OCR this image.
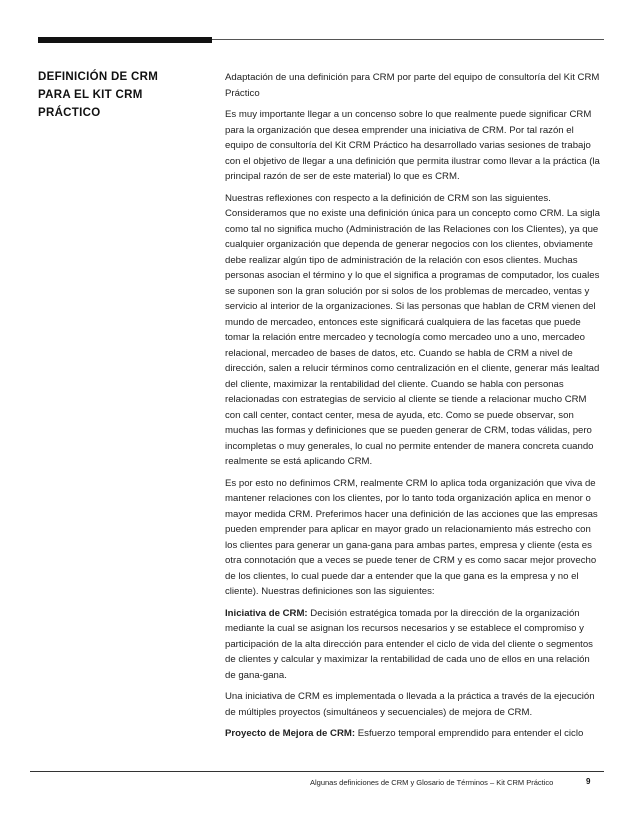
DEFINICIÓN DE CRM PARA EL KIT CRM PRÁCTICO

Adaptación de una definición para CRM por parte del equipo de consultoría del Kit CRM Práctico

Es muy importante llegar a un concenso sobre lo que realmente puede significar CRM para la organización que desea emprender una iniciativa de CRM. Por tal razón el equipo de consultoría del Kit CRM Práctico ha desarrollado varias sesiones de trabajo con el objetivo de llegar a una definición que permita ilustrar como llevar a la práctica (la principal razón de ser de este material) lo que es CRM.

Nuestras reflexiones con respecto a la definición de CRM son las siguientes. Consideramos que no existe una definición única para un concepto como CRM. La sigla como tal no significa mucho (Administración de las Relaciones con los Clientes), ya que cualquier organización que dependa de generar negocios con los clientes, obviamente debe realizar algún tipo de administración de la relación con esos clientes. Muchas personas asocian el término y lo que el significa a programas de computador, los cuales se suponen son la gran solución por si solos de los problemas de mercadeo, ventas y servicio al interior de la organizaciones. Si las personas que hablan de CRM vienen del mundo de mercadeo, entonces este significará cualquiera de las facetas que puede tomar la relación entre mercadeo y tecnología como mercadeo uno a uno, mercadeo relacional, mercadeo de bases de datos, etc. Cuando se habla de CRM a nivel de dirección, salen a relucir términos como centralización en el cliente, generar más lealtad del cliente, maximizar la rentabilidad del cliente. Cuando se habla con personas relacionadas con estrategias de servicio al cliente se tiende a relacionar mucho CRM con call center, contact center, mesa de ayuda, etc. Como se puede observar, son muchas las formas y definiciones que se pueden generar de CRM, todas válidas, pero incompletas o muy generales, lo cual no permite entender de manera concreta cuando realmente se está aplicando CRM.

Es por esto no definimos CRM, realmente CRM lo aplica toda organización que viva de mantener relaciones con los clientes, por lo tanto toda organización aplica en menor o mayor medida CRM. Preferimos hacer una definición de las acciones que las empresas pueden emprender para aplicar en mayor grado un relacionamiento más estrecho con los clientes para generar un gana-gana para ambas partes, empresa y cliente (esta es otra connotación que a veces se puede tener de CRM y es como sacar mejor provecho de los clientes, lo cual puede dar a entender que la que gana es la empresa y no el cliente). Nuestras definiciones son las siguientes:

Iniciativa de CRM: Decisión estratégica tomada por la dirección de la organización mediante la cual se asignan los recursos necesarios y se establece el compromiso y participación de la alta dirección para entender el ciclo de vida del cliente o segmentos de clientes y calcular y maximizar la rentabilidad de cada uno de ellos en una relación de gana-gana.

Una iniciativa de CRM es implementada o llevada a la práctica a través de la ejecución de múltiples proyectos (simultáneos y secuenciales) de mejora de CRM.

Proyecto de Mejora de CRM: Esfuerzo temporal emprendido para entender el ciclo

Algunas definiciones de CRM y Glosario de Términos – Kit CRM Práctico	9
